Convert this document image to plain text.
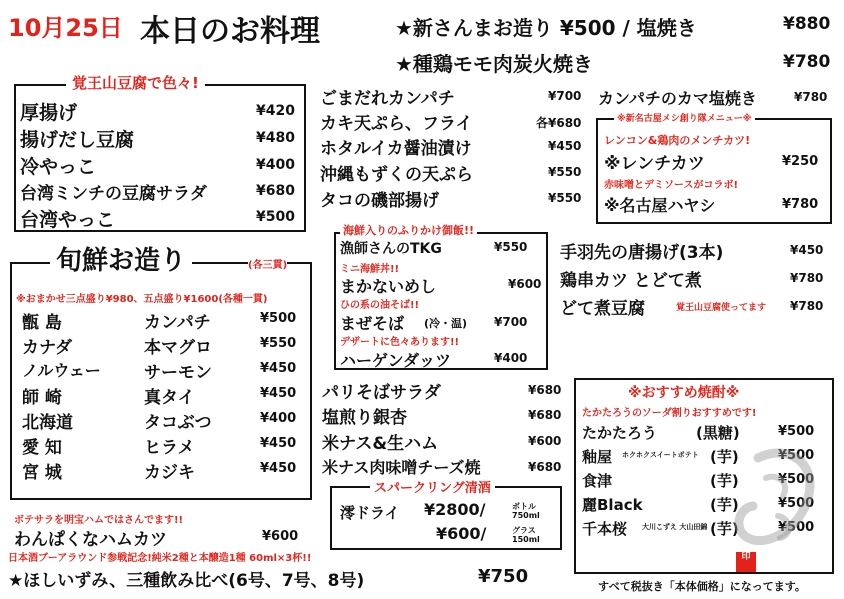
10月25日 本日のお料理	★新さんまお造り ¥500 / 塩焼き	¥880
★種鶏モモ肉炭火焼き	¥780
覚王山豆腐で色々!
厚揚げ	¥420
揚げだし豆腐	¥480
冷やっこ	¥400
台湾ミンチの豆腐サラダ	¥680
台湾やっこ	¥500
旬鮮お造り	(各三貫)
※おまかせ三点盛り¥980、五点盛り¥1600(各種一貫)
甑 島	カンパチ	¥500
カナダ	本マグロ	¥550
ノルウェー	サーモン	¥450
師 崎	真タイ	¥450
北海道	タコぶつ	¥400
愛 知	ヒラメ	¥450
宮 城	カジキ	¥450
ボテサラを明宝ハムではさんでます!!
わんぱくなハムカツ	¥600
日本酒ブーアラウンド参戦記念!純米2種と本醸造1種 60ml×3杯!!
★ほしいずみ、三種飲み比べ(6号、7号、8号)	¥750
ごまだれカンパチ	¥700
カキ天ぷら、フライ	各¥680
ホタルイカ醤油漬け	¥450
沖縄もずくの天ぷら	¥550
タコの磯部揚げ	¥550
海鮮入りのふりかけ御飯!!
漁師さんのTKG	¥550
ミニ海鮮丼!!
まかないめし	¥600
ひの系の油そば!!
まぜそば (冷・温) ¥700
デザートに色々あります!!
ハーゲンダッツ	¥400
パリそばサラダ	¥680
塩煎り銀杏	¥680
米ナス&生ハム	¥600
米ナス肉味噌チーズ焼	¥680
スパークリング清酒
澪ドライ ¥2800/	ボトル 750ml
¥600/	グラス 150ml
カンパチのカマ塩焼き	¥780
※新名古屋メシ創り隊メニュー※
レンコン&鶏肉のメンチカツ!
※レンチカツ	¥250
赤味噌とデミソースがコラボ!
※名古屋ハヤシ	¥780
手羽先の唐揚げ(3本)	¥450
鶏串カツ とどて煮	¥780
どて煮豆腐	覚王山豆腐使ってます ¥780
※おすすめ焼酎※
たかたろうのソーダ割りおすすめです!
たかたろう	(黒糖)	¥500
釉屋 ホクホクスイートポテト (芋)	¥500
食津	(芋)	¥500
麗Black	(芋)	¥500
千本桜 大川こずえ 大山田錦 (芋)	¥500
印
すべて税抜き「本体価格」になってます。
